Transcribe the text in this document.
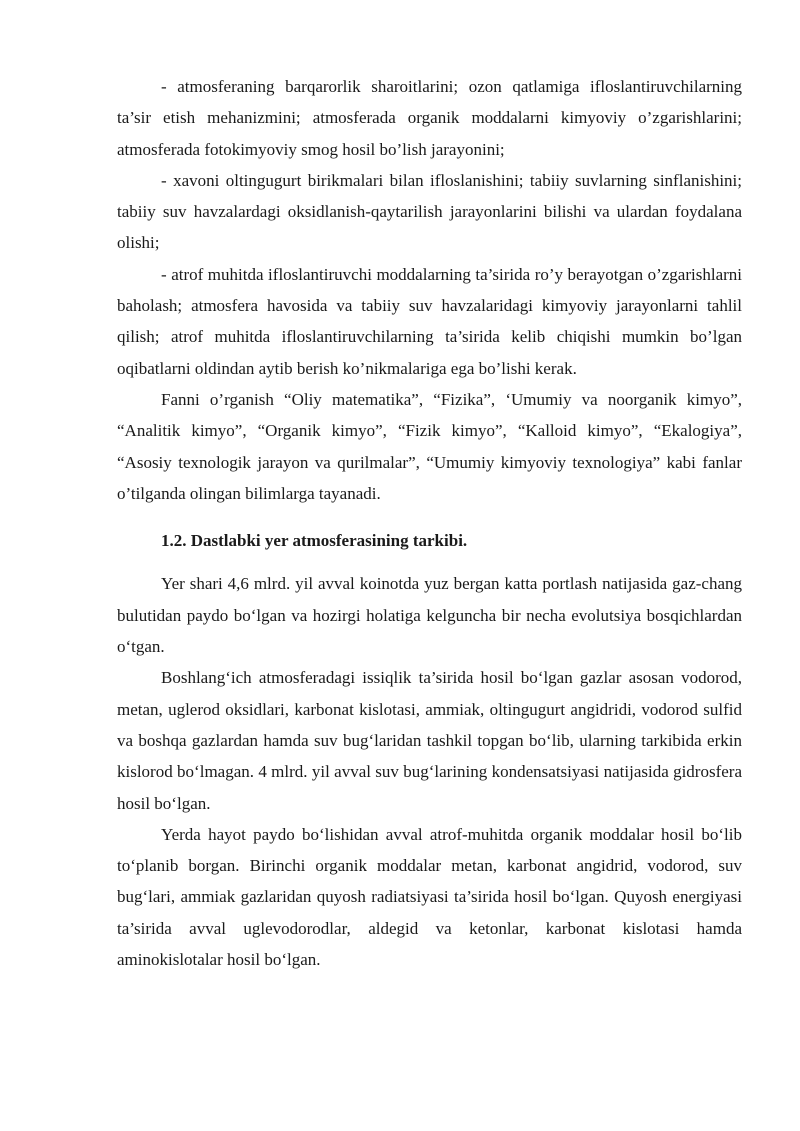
- atmosferaning barqarorlik sharoitlarini; ozon qatlamiga ifloslantiruvchilarning ta’sir etish mehanizmini; atmosferada organik moddalarni kimyoviy o’zgarishlarini; atmosferada fotokimyoviy smog hosil bo’lish jarayonini;

- xavoni oltingugurt birikmalari bilan ifloslanishini; tabiiy suvlarning sinflanishini; tabiiy suv havzalardagi oksidlanish-qaytarilish jarayonlarini bilishi va ulardan foydalana olishi;

- atrof muhitda ifloslantiruvchi moddalarning ta’sirida ro’y berayotgan o’zgarishlarni baholash; atmosfera havosida va tabiiy suv havzalaridagi kimyoviy jarayonlarni tahlil qilish; atrof muhitda ifloslantiruvchilarning ta’sirida kelib chiqishi mumkin bo’lgan oqibatlarni oldindan aytib berish ko’nikmalariga ega bo’lishi kerak.

Fanni o’rganish “Oliy matematika”, “Fizika”, ‘Umumiy va noorganik kimyo”, “Analitik kimyo”, “Organik kimyo”, “Fizik kimyo”, “Kalloid kimyo”, “Ekalogiya”, “Asosiy texnologik jarayon va qurilmalar”, “Umumiy kimyoviy texnologiya” kabi fanlar o’tilganda olingan bilimlarga tayanadi.

1.2. Dastlabki yer atmosferasining tarkibi.

Yer shari 4,6 mlrd. yil avval koinotda yuz bergan katta portlash natijasida gaz-chang bulutidan paydo bo‘lgan va hozirgi holatiga kelguncha bir necha evolutsiya bosqichlardan o‘tgan.

Boshlang‘ich atmosferadagi issiqlik ta’sirida hosil bo‘lgan gazlar asosan vodorod, metan, uglerod oksidlari, karbonat kislotasi, ammiak, oltingugurt angidridi, vodorod sulfid va boshqa gazlardan hamda suv bug‘laridan tashkil topgan bo‘lib, ularning tarkibida erkin kislorod bo‘lmagan. 4 mlrd. yil avval suv bug‘larining kondensatsiyasi natijasida gidrosfera hosil bo‘lgan.

Yerda hayot paydo bo‘lishidan avval atrof-muhitda organik moddalar hosil bo‘lib to‘planib borgan. Birinchi organik moddalar metan, karbonat angidrid, vodorod, suv bug‘lari, ammiak gazlaridan quyosh radiatsiyasi ta’sirida hosil bo‘lgan. Quyosh energiyasi ta’sirida avval uglevodorodlar, aldegid va ketonlar, karbonat kislotasi hamda aminokislotalar hosil bo‘lgan.
